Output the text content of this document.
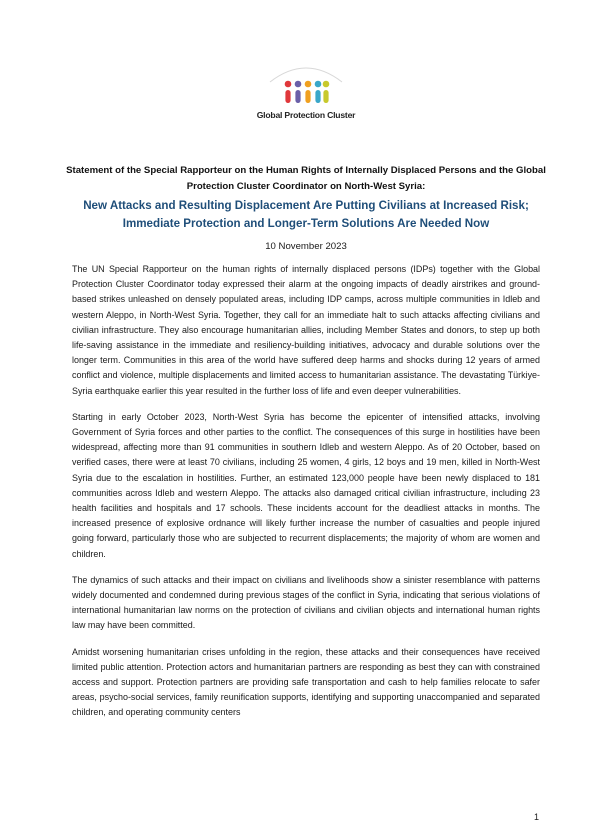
Global Protection Cluster
Statement of the Special Rapporteur on the Human Rights of Internally Displaced Persons and the Global Protection Cluster Coordinator on North-West Syria:
New Attacks and Resulting Displacement Are Putting Civilians at Increased Risk; Immediate Protection and Longer-Term Solutions Are Needed Now
10 November 2023

The UN Special Rapporteur on the human rights of internally displaced persons (IDPs) together with the Global Protection Cluster Coordinator today expressed their alarm at the ongoing impacts of deadly airstrikes and ground-based strikes unleashed on densely populated areas, including IDP camps, across multiple communities in Idleb and western Aleppo, in North-West Syria. Together, they call for an immediate halt to such attacks affecting civilians and civilian infrastructure. They also encourage humanitarian allies, including Member States and donors, to step up both life-saving assistance in the immediate and resiliency-building initiatives, advocacy and durable solutions over the longer term. Communities in this area of the world have suffered deep harms and shocks during 12 years of armed conflict and violence, multiple displacements and limited access to humanitarian assistance. The devastating Türkiye-Syria earthquake earlier this year resulted in the further loss of life and even deeper vulnerabilities.

Starting in early October 2023, North-West Syria has become the epicenter of intensified attacks, involving Government of Syria forces and other parties to the conflict. The consequences of this surge in hostilities have been widespread, affecting more than 91 communities in southern Idleb and western Aleppo. As of 20 October, based on verified cases, there were at least 70 civilians, including 25 women, 4 girls, 12 boys and 19 men, killed in North-West Syria due to the escalation in hostilities. Further, an estimated 123,000 people have been newly displaced to 181 communities across Idleb and western Aleppo. The attacks also damaged critical civilian infrastructure, including 23 health facilities and hospitals and 17 schools. These incidents account for the deadliest attacks in months. The increased presence of explosive ordnance will likely further increase the number of casualties and people injured going forward, particularly those who are subjected to recurrent displacements; the majority of whom are women and children.

The dynamics of such attacks and their impact on civilians and livelihoods show a sinister resemblance with patterns widely documented and condemned during previous stages of the conflict in Syria, indicating that serious violations of international humanitarian law norms on the protection of civilians and civilian objects and international human rights law may have been committed.

Amidst worsening humanitarian crises unfolding in the region, these attacks and their consequences have received limited public attention. Protection actors and humanitarian partners are responding as best they can with constrained access and support. Protection partners are providing safe transportation and cash to help families relocate to safer areas, psycho-social services, family reunification supports, identifying and supporting unaccompanied and separated children, and operating community centers

1
